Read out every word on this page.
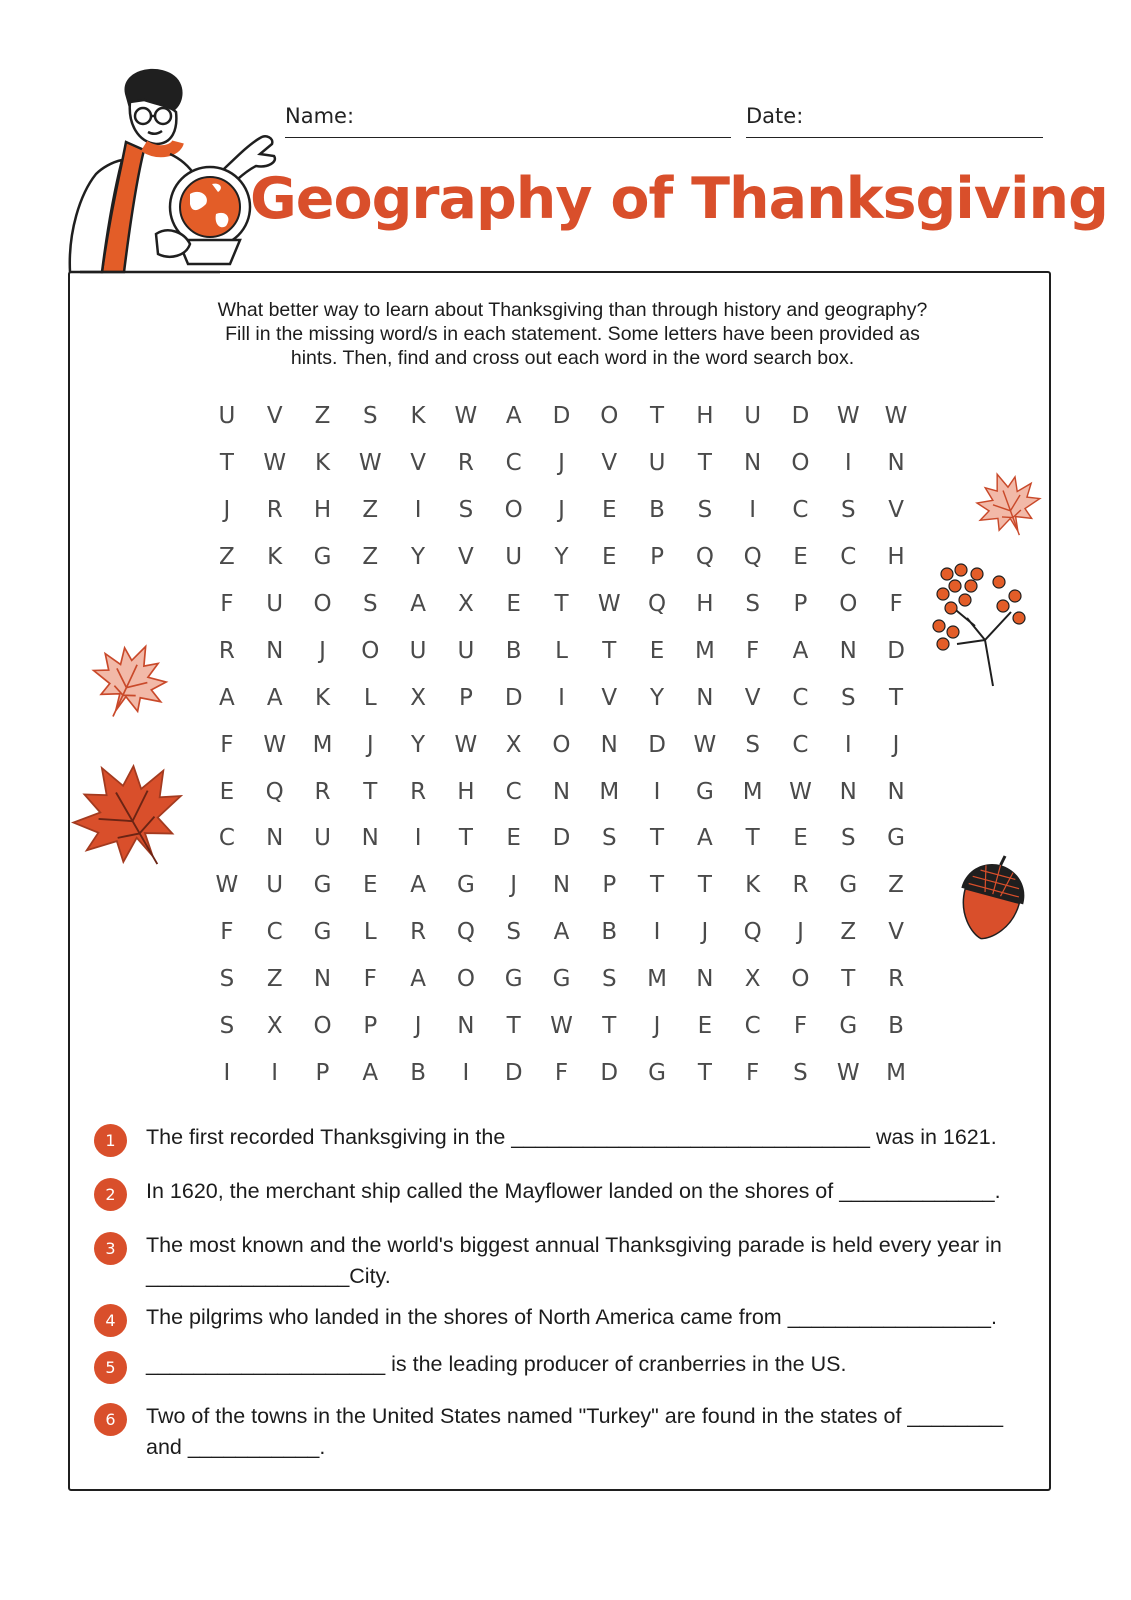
Name:	Date:
Geography of Thanksgiving
What better way to learn about Thanksgiving than through history and geography?
Fill in the missing word/s in each statement. Some letters have been provided as
hints. Then, find and cross out each word in the word search box.
U	V	Z	S	K	W	A	D	O	T	H	U	D	W	W
T	W	K	W	V	R	C	J	V	U	T	N	O	I	N
J	R	H	Z	I	S	O	J	E	B	S	I	C	S	V
Z	K	G	Z	Y	V	U	Y	E	P	Q	Q	E	C	H
F	U	O	S	A	X	E	T	W	Q	H	S	P	O	F
R	N	J	O	U	U	B	L	T	E	M	F	A	N	D
A	A	K	L	X	P	D	I	V	Y	N	V	C	S	T
F	W	M	J	Y	W	X	O	N	D	W	S	C	I	J
E	Q	R	T	R	H	C	N	M	I	G	M	W	N	N
C	N	U	N	I	T	E	D	S	T	A	T	E	S	G
W	U	G	E	A	G	J	N	P	T	T	K	R	G	Z
F	C	G	L	R	Q	S	A	B	I	J	Q	J	Z	V
S	Z	N	F	A	O	G	G	S	M	N	X	O	T	R
S	X	O	P	J	N	T	W	T	J	E	C	F	G	B
I	I	P	A	B	I	D	F	D	G	T	F	S	W	M
1	The first recorded Thanksgiving in the ______________________________ was in 1621.
2	In 1620, the merchant ship called the Mayflower landed on the shores of _____________.
3	The most known and the world's biggest annual Thanksgiving parade is held every year in
_________________City.
4	The pilgrims who landed in the shores of North America came from _________________.
5	____________________ is the leading producer of cranberries in the US.
6	Two of the towns in the United States named "Turkey" are found in the states of ________
and ___________.
